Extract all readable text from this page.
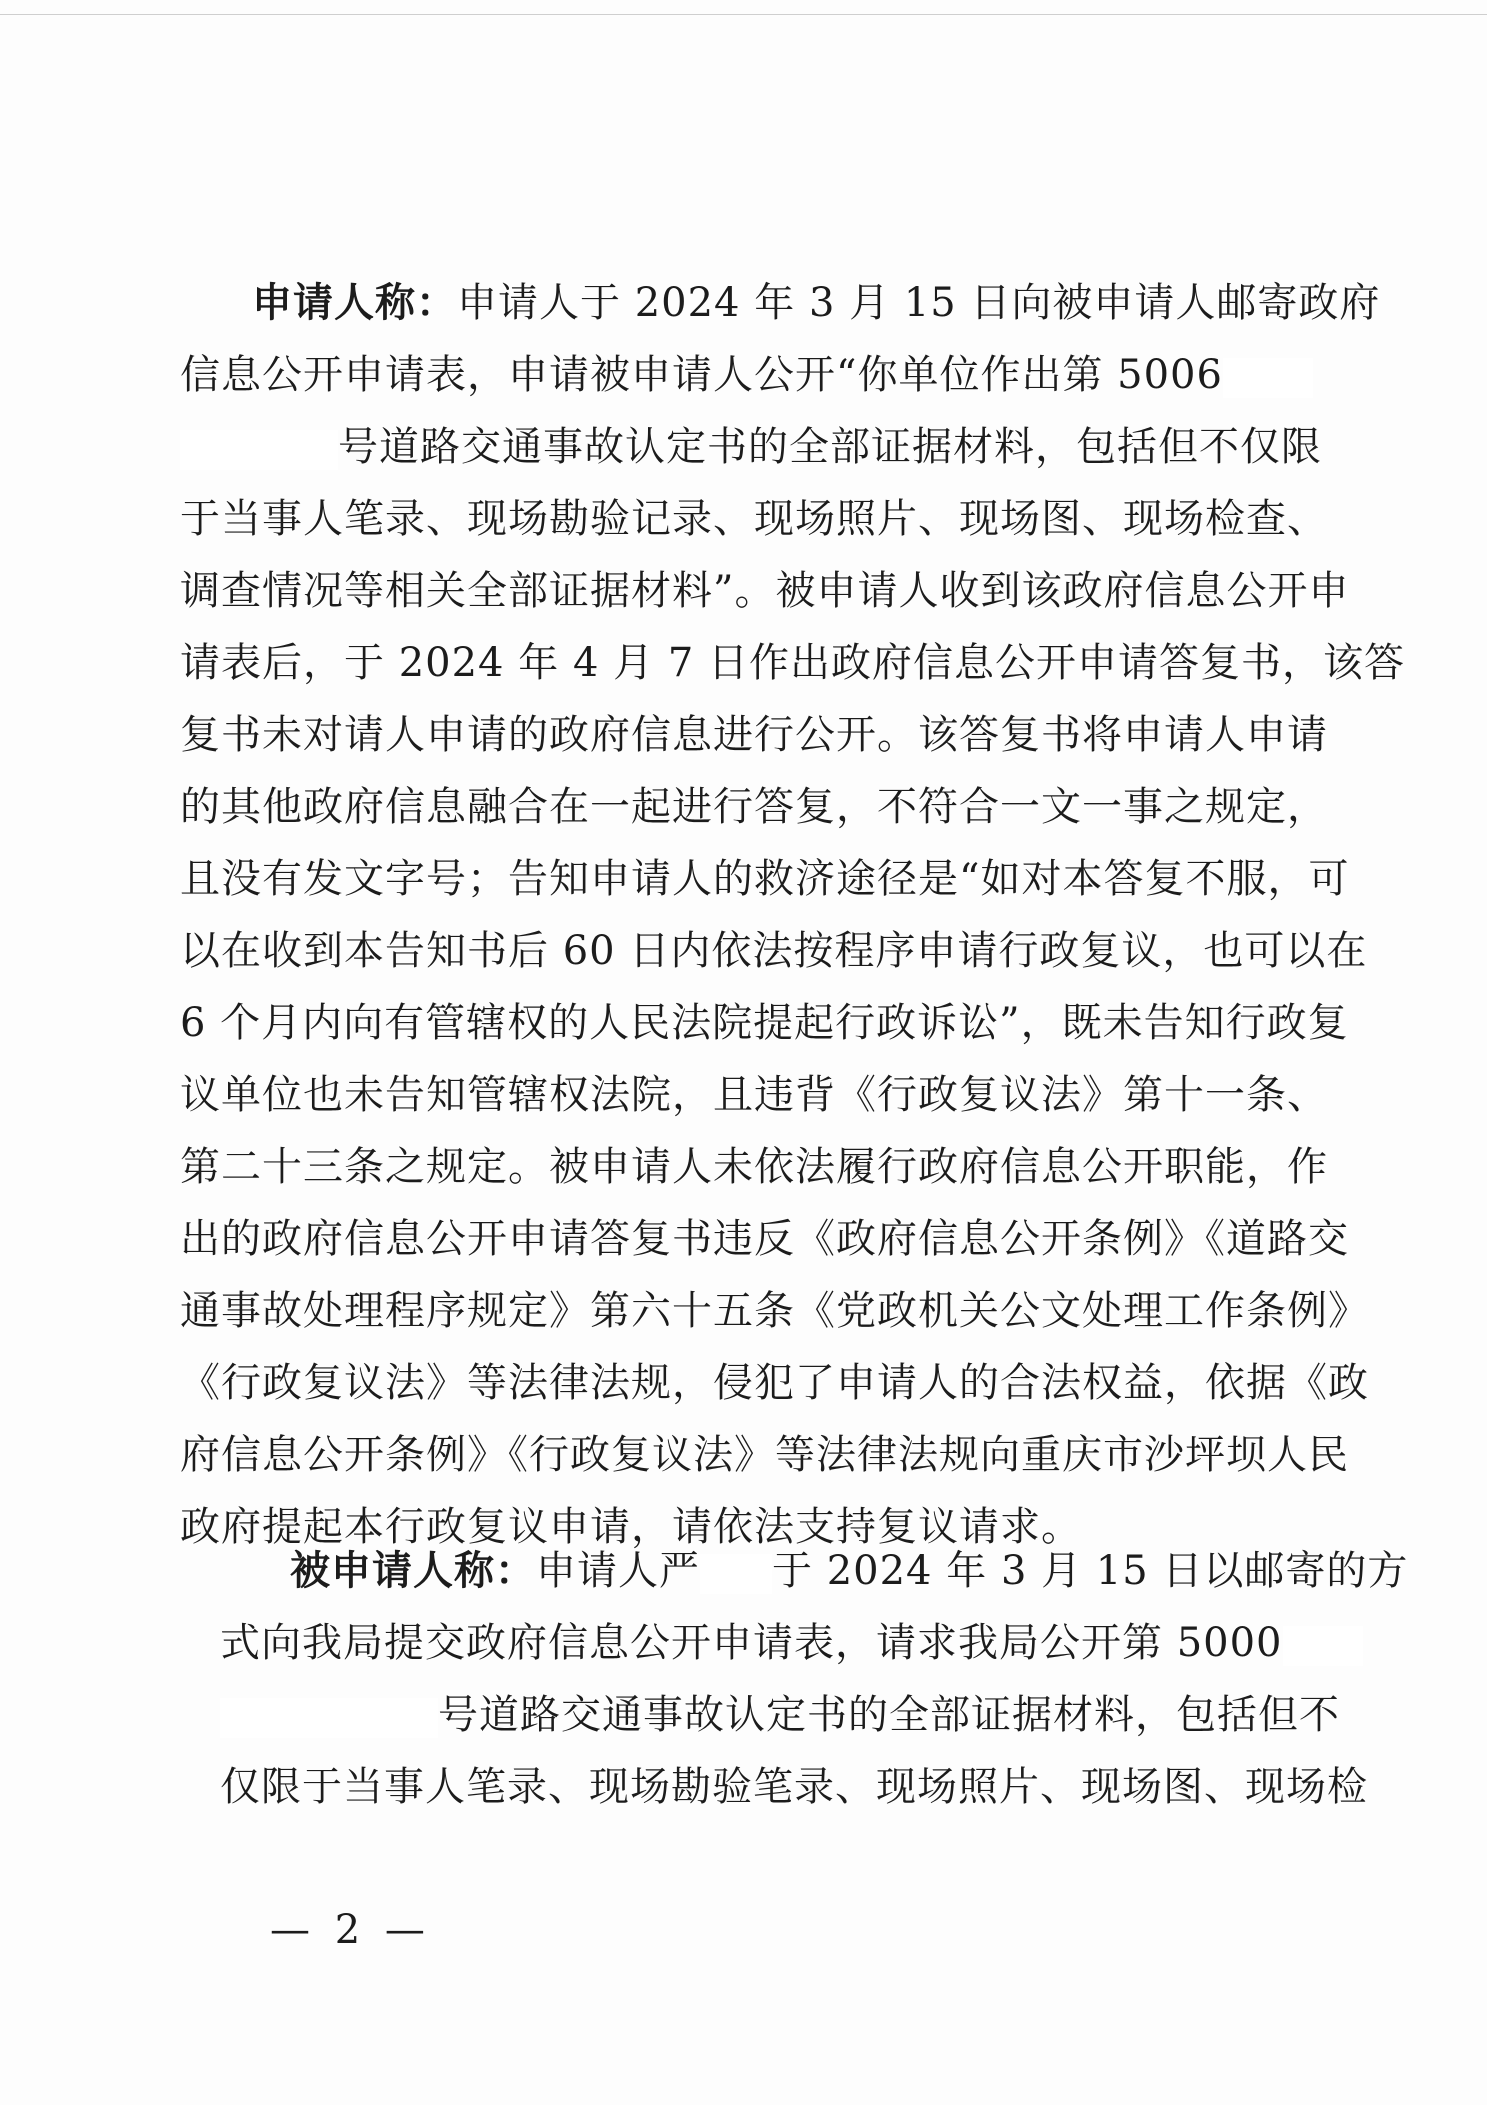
申请人称：申请人于 2024 年 3 月 15 日向被申请人邮寄政府
信息公开申请表，申请被申请人公开“你单位作出第 5006
号道路交通事故认定书的全部证据材料，包括但不仅限
于当事人笔录、现场勘验记录、现场照片、现场图、现场检查、
调查情况等相关全部证据材料”。被申请人收到该政府信息公开申
请表后，于 2024 年 4 月 7 日作出政府信息公开申请答复书，该答
复书未对请人申请的政府信息进行公开。该答复书将申请人申请
的其他政府信息融合在一起进行答复，不符合一文一事之规定，
且没有发文字号；告知申请人的救济途径是“如对本答复不服，可
以在收到本告知书后 60 日内依法按程序申请行政复议，也可以在
6 个月内向有管辖权的人民法院提起行政诉讼”，既未告知行政复
议单位也未告知管辖权法院，且违背《行政复议法》第十一条、
第二十三条之规定。被申请人未依法履行政府信息公开职能，作
出的政府信息公开申请答复书违反《政府信息公开条例》《道路交
通事故处理程序规定》第六十五条《党政机关公文处理工作条例》
《行政复议法》等法律法规，侵犯了申请人的合法权益，依据《政
府信息公开条例》《行政复议法》等法律法规向重庆市沙坪坝人民
政府提起本行政复议申请，请依法支持复议请求。
被申请人称：申请人严 于 2024 年 3 月 15 日以邮寄的方
式向我局提交政府信息公开申请表，请求我局公开第 5000
号道路交通事故认定书的全部证据材料，包括但不
仅限于当事人笔录、现场勘验笔录、现场照片、现场图、现场检
— 2 —
